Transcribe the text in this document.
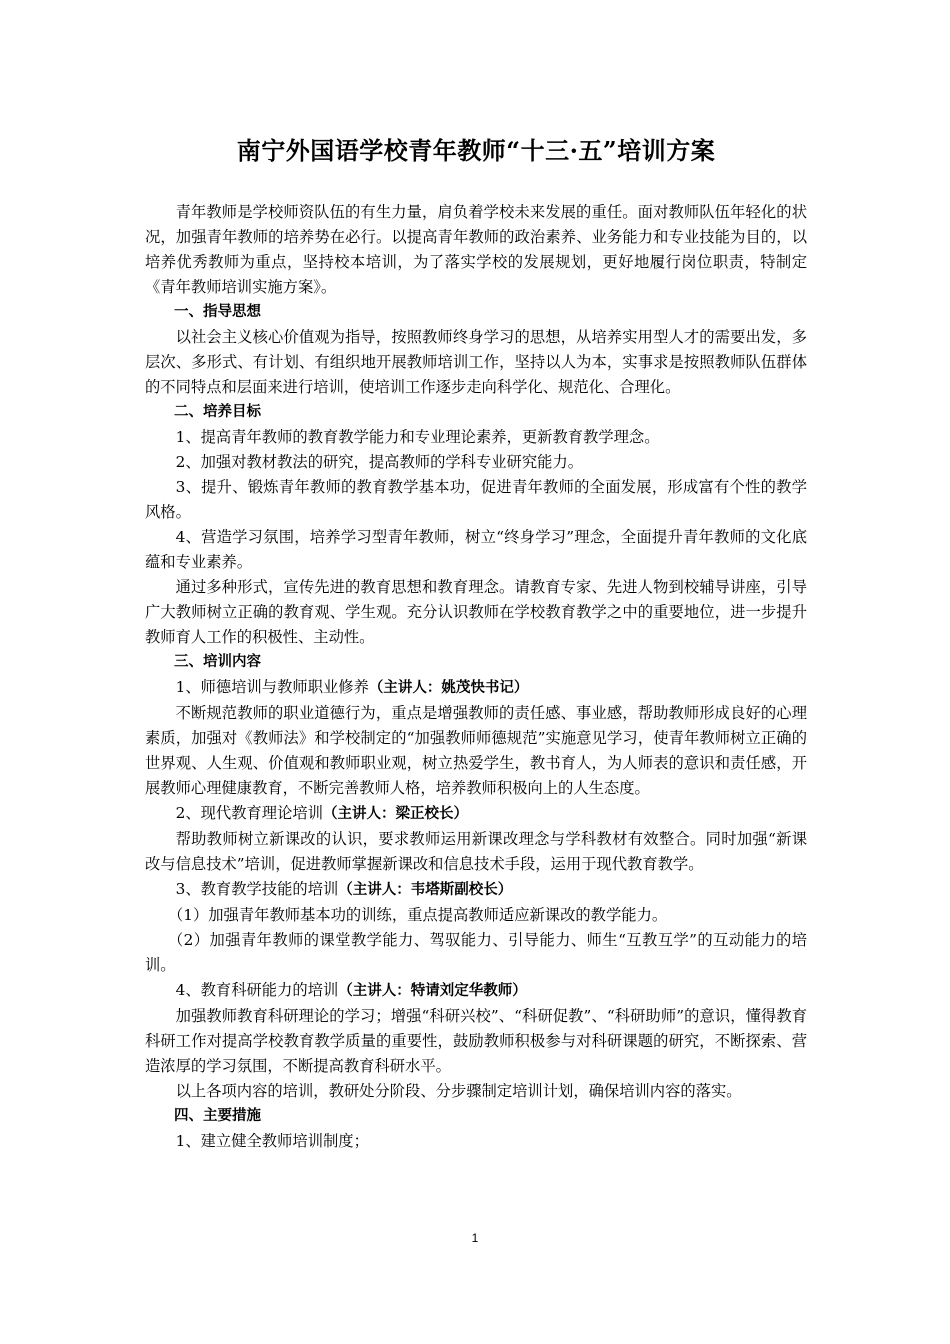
南宁外国语学校青年教师“十三·五”培训方案

青年教师是学校师资队伍的有生力量，肩负着学校未来发展的重任。面对教师队伍年轻化的状况，加强青年教师的培养势在必行。以提高青年教师的政治素养、业务能力和专业技能为目的，以培养优秀教师为重点，坚持校本培训，为了落实学校的发展规划，更好地履行岗位职责，特制定《青年教师培训实施方案》。

一、指导思想

以社会主义核心价值观为指导，按照教师终身学习的思想，从培养实用型人才的需要出发，多层次、多形式、有计划、有组织地开展教师培训工作，坚持以人为本，实事求是按照教师队伍群体的不同特点和层面来进行培训，使培训工作逐步走向科学化、规范化、合理化。

二、培养目标

1、提高青年教师的教育教学能力和专业理论素养，更新教育教学理念。

2、加强对教材教法的研究，提高教师的学科专业研究能力。

3、提升、锻炼青年教师的教育教学基本功，促进青年教师的全面发展，形成富有个性的教学风格。

4、营造学习氛围，培养学习型青年教师，树立“终身学习”理念，全面提升青年教师的文化底蕴和专业素养。

通过多种形式，宣传先进的教育思想和教育理念。请教育专家、先进人物到校辅导讲座，引导广大教师树立正确的教育观、学生观。充分认识教师在学校教育教学之中的重要地位，进一步提升教师育人工作的积极性、主动性。

三、培训内容

1、师德培训与教师职业修养（主讲人：姚茂快书记）

不断规范教师的职业道德行为，重点是增强教师的责任感、事业感，帮助教师形成良好的心理素质，加强对《教师法》和学校制定的“加强教师师德规范”实施意见学习，使青年教师树立正确的世界观、人生观、价值观和教师职业观，树立热爱学生，教书育人，为人师表的意识和责任感，开展教师心理健康教育，不断完善教师人格，培养教师积极向上的人生态度。

2、现代教育理论培训（主讲人：梁正校长）

帮助教师树立新课改的认识，要求教师运用新课改理念与学科教材有效整合。同时加强“新课改与信息技术”培训，促进教师掌握新课改和信息技术手段，运用于现代教育教学。

3、教育教学技能的培训（主讲人：韦塔斯副校长）

（1）加强青年教师基本功的训练，重点提高教师适应新课改的教学能力。

（2）加强青年教师的课堂教学能力、驾驭能力、引导能力、师生“互教互学”的互动能力的培训。

4、教育科研能力的培训（主讲人：特请刘定华教师）

加强教师教育科研理论的学习；增强“科研兴校”、“科研促教”、“科研助师”的意识，懂得教育科研工作对提高学校教育教学质量的重要性，鼓励教师积极参与对科研课题的研究，不断探索、营造浓厚的学习氛围，不断提高教育科研水平。

以上各项内容的培训，教研处分阶段、分步骤制定培训计划，确保培训内容的落实。

四、主要措施

1、建立健全教师培训制度；

1
